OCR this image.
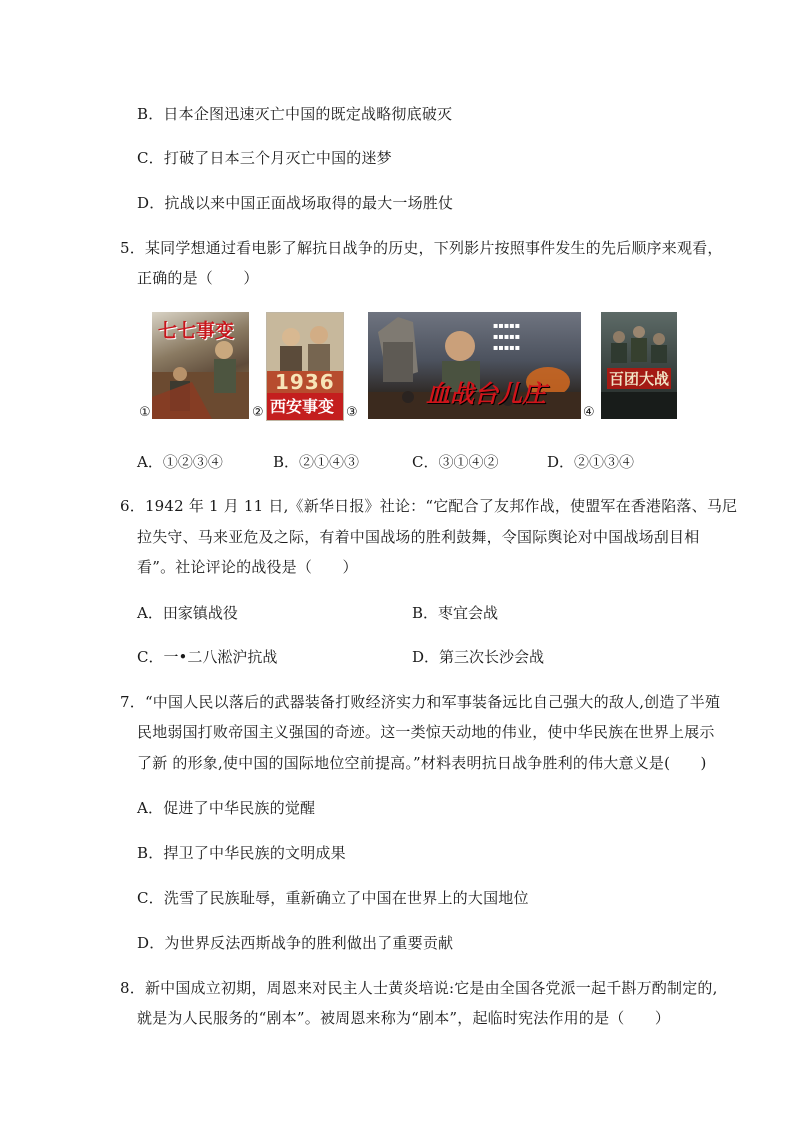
B．日本企图迅速灭亡中国的既定战略彻底破灭
C．打破了日本三个月灭亡中国的迷梦
D．抗战以来中国正面战场取得的最大一场胜仗
5．某同学想通过看电影了解抗日战争的历史，下列影片按照事件发生的先后顺序来观看，
正确的是（　　）
七七事变
1936
西安事变
▪▪▪▪▪
▪▪▪▪▪
▪▪▪▪▪
血战台儿庄
百团大战
①	②	③	④
A．①②③④	B．②①④③	C．③①④②	D．②①③④
6．1942 年 1 月 11 日,《新华日报》社论：“它配合了友邦作战，使盟军在香港陷落、马尼
拉失守、马来亚危及之际，有着中国战场的胜利鼓舞，令国际舆论对中国战场刮目相
看”。社论评论的战役是（　　）
A．田家镇战役	B．枣宜会战
C．一•二八淞沪抗战	D．第三次长沙会战
7．“中国人民以落后的武器装备打败经济实力和军事装备远比自己强大的敌人,创造了半殖
民地弱国打败帝国主义强国的奇迹。这一类惊天动地的伟业，使中华民族在世界上展示
了新 的形象,使中国的国际地位空前提高。”材料表明抗日战争胜利的伟大意义是(　　)
A．促进了中华民族的觉醒
B．捍卫了中华民族的文明成果
C．洗雪了民族耻辱，重新确立了中国在世界上的大国地位
D．为世界反法西斯战争的胜利做出了重要贡献
8．新中国成立初期，周恩来对民主人士黄炎培说:它是由全国各党派一起千斟万酌制定的,
就是为人民服务的“剧本”。被周恩来称为“剧本”，起临时宪法作用的是（　　）
